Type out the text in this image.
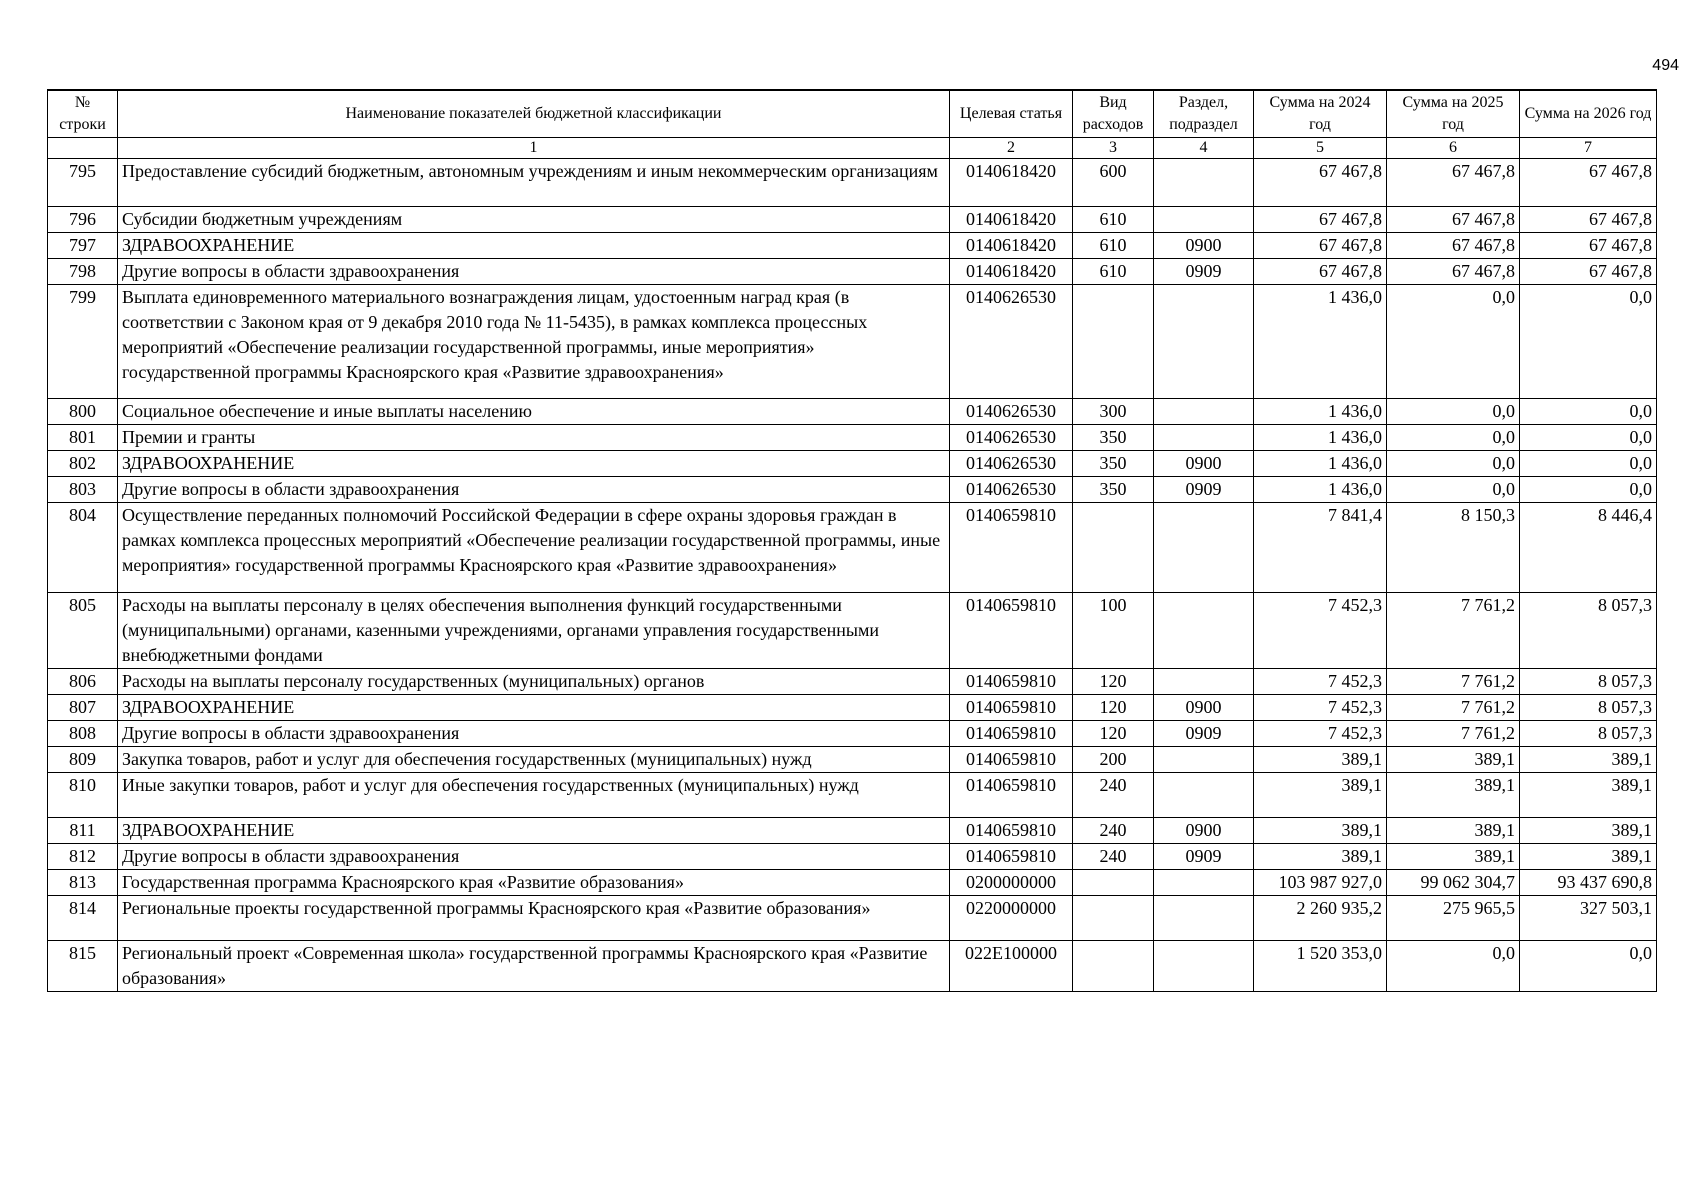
494
№ строки	Наименование показателей бюджетной классификации	Целевая статья	Вид расходов	Раздел, подраздел	Сумма на 2024 год	Сумма на 2025 год	Сумма на 2026 год
	1	2	3	4	5	6	7
795	Предоставление субсидий бюджетным, автономным учреждениям и иным некоммерческим организациям	0140618420	600		67 467,8	67 467,8	67 467,8
796	Субсидии бюджетным учреждениям	0140618420	610		67 467,8	67 467,8	67 467,8
797	ЗДРАВООХРАНЕНИЕ	0140618420	610	0900	67 467,8	67 467,8	67 467,8
798	Другие вопросы в области здравоохранения	0140618420	610	0909	67 467,8	67 467,8	67 467,8
799	Выплата единовременного материального вознаграждения лицам, удостоенным наград края (в соответствии с Законом края от 9 декабря 2010 года № 11-5435), в рамках комплекса процессных мероприятий «Обеспечение реализации государственной программы, иные мероприятия» государственной программы Красноярского края «Развитие здравоохранения»	0140626530			1 436,0	0,0	0,0
800	Социальное обеспечение и иные выплаты населению	0140626530	300		1 436,0	0,0	0,0
801	Премии и гранты	0140626530	350		1 436,0	0,0	0,0
802	ЗДРАВООХРАНЕНИЕ	0140626530	350	0900	1 436,0	0,0	0,0
803	Другие вопросы в области здравоохранения	0140626530	350	0909	1 436,0	0,0	0,0
804	Осуществление переданных полномочий Российской Федерации в сфере охраны здоровья граждан в рамках комплекса процессных мероприятий «Обеспечение реализации государственной программы, иные мероприятия» государственной программы Красноярского края «Развитие здравоохранения»	0140659810			7 841,4	8 150,3	8 446,4
805	Расходы на выплаты персоналу в целях обеспечения выполнения функций государственными (муниципальными) органами, казенными учреждениями, органами управления государственными внебюджетными фондами	0140659810	100		7 452,3	7 761,2	8 057,3
806	Расходы на выплаты персоналу государственных (муниципальных) органов	0140659810	120		7 452,3	7 761,2	8 057,3
807	ЗДРАВООХРАНЕНИЕ	0140659810	120	0900	7 452,3	7 761,2	8 057,3
808	Другие вопросы в области здравоохранения	0140659810	120	0909	7 452,3	7 761,2	8 057,3
809	Закупка товаров, работ и услуг для обеспечения государственных (муниципальных) нужд	0140659810	200		389,1	389,1	389,1
810	Иные закупки товаров, работ и услуг для обеспечения государственных (муниципальных) нужд	0140659810	240		389,1	389,1	389,1
811	ЗДРАВООХРАНЕНИЕ	0140659810	240	0900	389,1	389,1	389,1
812	Другие вопросы в области здравоохранения	0140659810	240	0909	389,1	389,1	389,1
813	Государственная программа Красноярского края «Развитие образования»	0200000000			103 987 927,0	99 062 304,7	93 437 690,8
814	Региональные проекты государственной программы Красноярского края «Развитие образования»	0220000000			2 260 935,2	275 965,5	327 503,1
815	Региональный проект «Современная школа» государственной программы Красноярского края «Развитие образования»	022E100000			1 520 353,0	0,0	0,0
